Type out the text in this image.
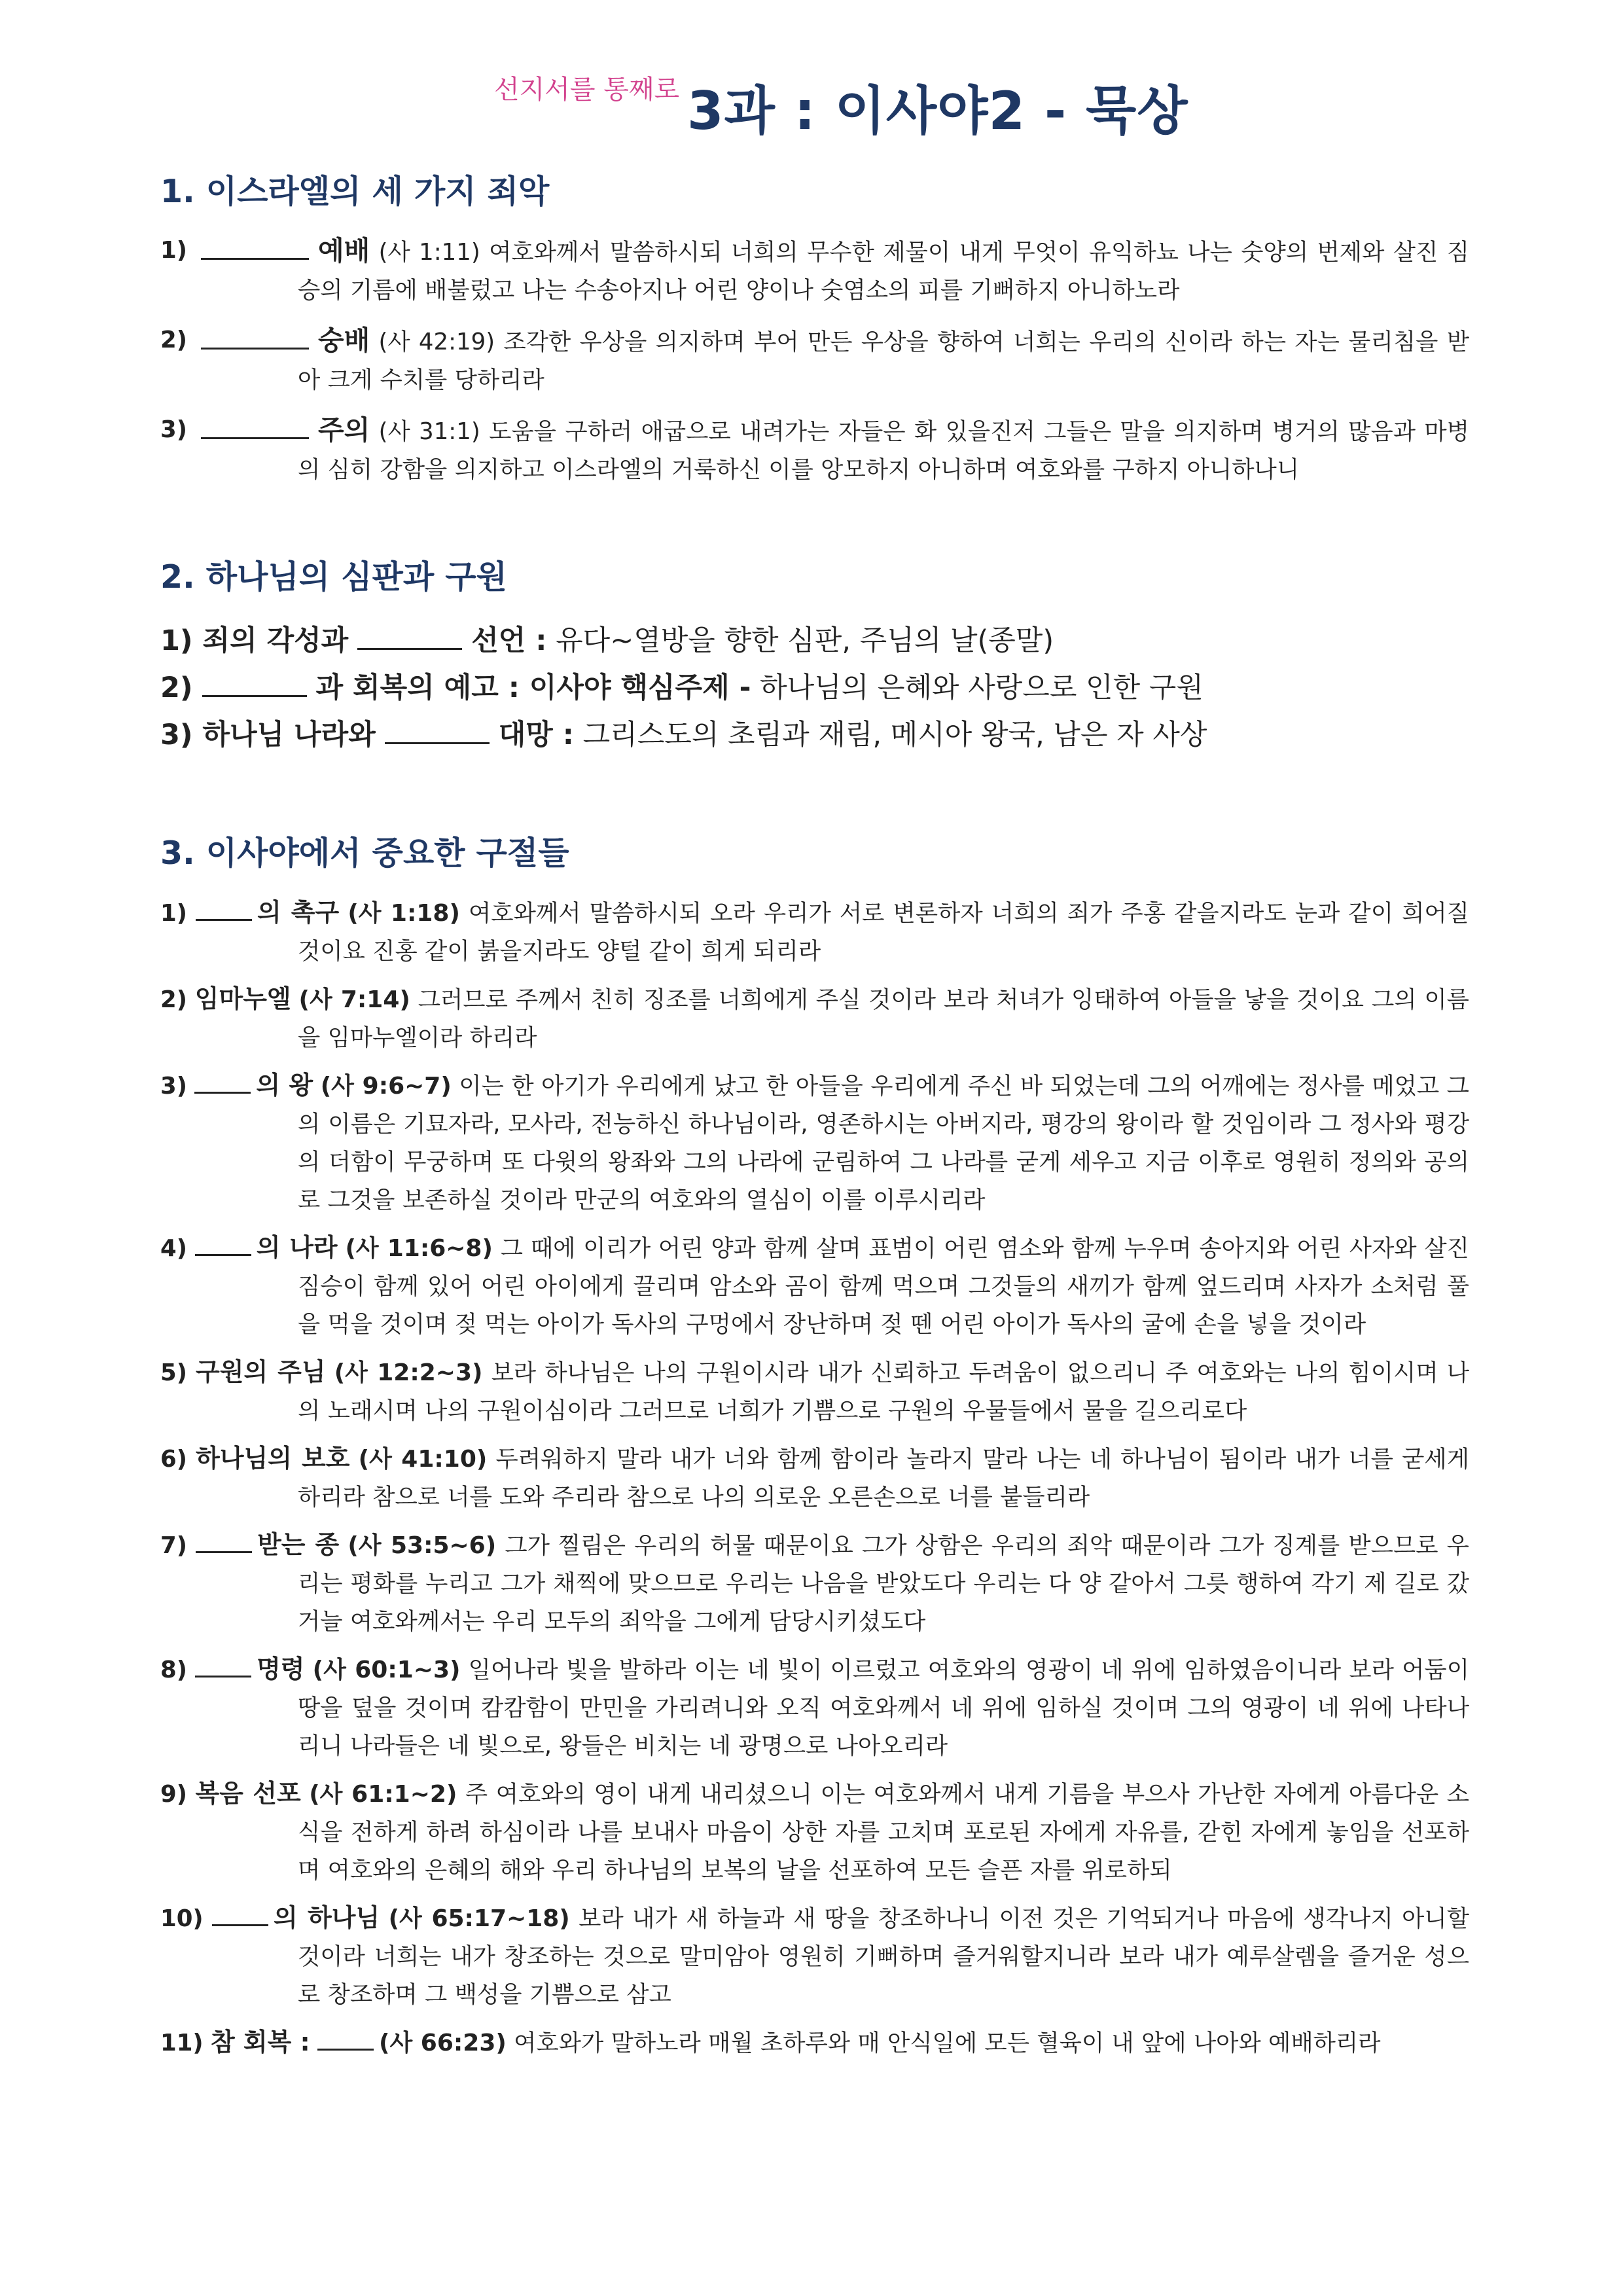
선지서를 통째로 3과 : 이사야2 - 묵상
1. 이스라엘의 세 가지 죄악
1)	예배 (사 1:11) 여호와께서 말씀하시되 너희의 무수한 제물이 내게 무엇이 유익하뇨 나는 숫양의 번제와 살진 짐승의 기름에 배불렀고 나는 수송아지나 어린 양이나 숫염소의 피를 기뻐하지 아니하노라
2)	숭배 (사 42:19) 조각한 우상을 의지하며 부어 만든 우상을 향하여 너희는 우리의 신이라 하는 자는 물리침을 받아 크게 수치를 당하리라
3)	주의 (사 31:1) 도움을 구하러 애굽으로 내려가는 자들은 화 있을진저 그들은 말을 의지하며 병거의 많음과 마병의 심히 강함을 의지하고 이스라엘의 거룩하신 이를 앙모하지 아니하며 여호와를 구하지 아니하나니
2. 하나님의 심판과 구원
1) 죄의 각성과	선언 : 유다~열방을 향한 심판, 주님의 날(종말)
2)	과 회복의 예고 : 이사야 핵심주제 - 하나님의 은혜와 사랑으로 인한 구원
3) 하나님 나라와	대망 : 그리스도의 초림과 재림, 메시아 왕국, 남은 자 사상
3. 이사야에서 중요한 구절들
1)	의 촉구 (사 1:18) 여호와께서 말씀하시되 오라 우리가 서로 변론하자 너희의 죄가 주홍 같을지라도 눈과 같이 희어질 것이요 진홍 같이 붉을지라도 양털 같이 희게 되리라
2) 임마누엘 (사 7:14) 그러므로 주께서 친히 징조를 너희에게 주실 것이라 보라 처녀가 잉태하여 아들을 낳을 것이요 그의 이름을 임마누엘이라 하리라
3)	의 왕 (사 9:6~7) 이는 한 아기가 우리에게 났고 한 아들을 우리에게 주신 바 되었는데 그의 어깨에는 정사를 메었고 그의 이름은 기묘자라, 모사라, 전능하신 하나님이라, 영존하시는 아버지라, 평강의 왕이라 할 것임이라 그 정사와 평강의 더함이 무궁하며 또 다윗의 왕좌와 그의 나라에 군림하여 그 나라를 굳게 세우고 지금 이후로 영원히 정의와 공의로 그것을 보존하실 것이라 만군의 여호와의 열심이 이를 이루시리라
4)	의 나라 (사 11:6~8) 그 때에 이리가 어린 양과 함께 살며 표범이 어린 염소와 함께 누우며 송아지와 어린 사자와 살진 짐승이 함께 있어 어린 아이에게 끌리며 암소와 곰이 함께 먹으며 그것들의 새끼가 함께 엎드리며 사자가 소처럼 풀을 먹을 것이며 젖 먹는 아이가 독사의 구멍에서 장난하며 젖 뗀 어린 아이가 독사의 굴에 손을 넣을 것이라
5) 구원의 주님 (사 12:2~3) 보라 하나님은 나의 구원이시라 내가 신뢰하고 두려움이 없으리니 주 여호와는 나의 힘이시며 나의 노래시며 나의 구원이심이라 그러므로 너희가 기쁨으로 구원의 우물들에서 물을 길으리로다
6) 하나님의 보호 (사 41:10) 두려워하지 말라 내가 너와 함께 함이라 놀라지 말라 나는 네 하나님이 됨이라 내가 너를 굳세게 하리라 참으로 너를 도와 주리라 참으로 나의 의로운 오른손으로 너를 붙들리라
7)	받는 종 (사 53:5~6) 그가 찔림은 우리의 허물 때문이요 그가 상함은 우리의 죄악 때문이라 그가 징계를 받으므로 우리는 평화를 누리고 그가 채찍에 맞으므로 우리는 나음을 받았도다 우리는 다 양 같아서 그릇 행하여 각기 제 길로 갔거늘 여호와께서는 우리 모두의 죄악을 그에게 담당시키셨도다
8)	명령 (사 60:1~3) 일어나라 빛을 발하라 이는 네 빛이 이르렀고 여호와의 영광이 네 위에 임하였음이니라 보라 어둠이 땅을 덮을 것이며 캄캄함이 만민을 가리려니와 오직 여호와께서 네 위에 임하실 것이며 그의 영광이 네 위에 나타나리니 나라들은 네 빛으로, 왕들은 비치는 네 광명으로 나아오리라
9) 복음 선포 (사 61:1~2) 주 여호와의 영이 내게 내리셨으니 이는 여호와께서 내게 기름을 부으사 가난한 자에게 아름다운 소식을 전하게 하려 하심이라 나를 보내사 마음이 상한 자를 고치며 포로된 자에게 자유를, 갇힌 자에게 놓임을 선포하며 여호와의 은혜의 해와 우리 하나님의 보복의 날을 선포하여 모든 슬픈 자를 위로하되
10)	의 하나님 (사 65:17~18) 보라 내가 새 하늘과 새 땅을 창조하나니 이전 것은 기억되거나 마음에 생각나지 아니할 것이라 너희는 내가 창조하는 것으로 말미암아 영원히 기뻐하며 즐거워할지니라 보라 내가 예루살렘을 즐거운 성으로 창조하며 그 백성을 기쁨으로 삼고
11) 참 회복 :	(사 66:23) 여호와가 말하노라 매월 초하루와 매 안식일에 모든 혈육이 내 앞에 나아와 예배하리라
